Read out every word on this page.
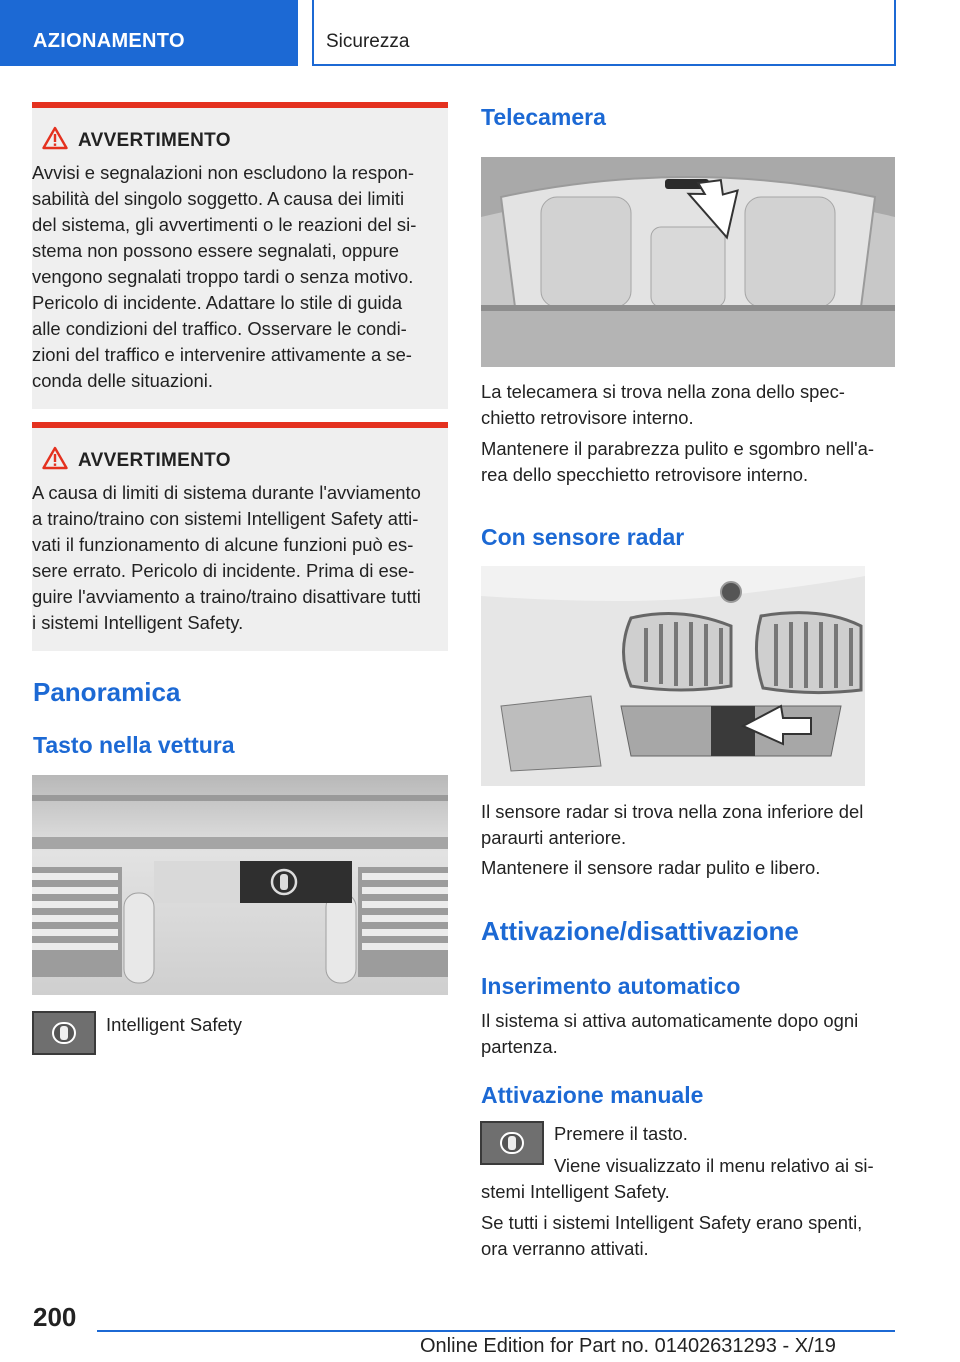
AZIONAMENTO	Sicurezza
AVVERTIMENTO
Avvisi e segnalazioni non escludono la respon-
sabilità del singolo soggetto. A causa dei limiti
del sistema, gli avvertimenti o le reazioni del si-
stema non possono essere segnalati, oppure
vengono segnalati troppo tardi o senza motivo.
Pericolo di incidente. Adattare lo stile di guida
alle condizioni del traffico. Osservare le condi-
zioni del traffico e intervenire attivamente a se-
conda delle situazioni.
AVVERTIMENTO
A causa di limiti di sistema durante l'avviamento
a traino/traino con sistemi Intelligent Safety atti-
vati il funzionamento di alcune funzioni può es-
sere errato. Pericolo di incidente. Prima di ese-
guire l'avviamento a traino/traino disattivare tutti
i sistemi Intelligent Safety.
Panoramica
Tasto nella vettura
Intelligent Safety
Telecamera
La telecamera si trova nella zona dello spec-
chietto retrovisore interno.
Mantenere il parabrezza pulito e sgombro nell'a-
rea dello specchietto retrovisore interno.
Con sensore radar
Il sensore radar si trova nella zona inferiore del
paraurti anteriore.
Mantenere il sensore radar pulito e libero.
Attivazione/disattivazione
Inserimento automatico
Il sistema si attiva automaticamente dopo ogni
partenza.
Attivazione manuale
Premere il tasto.
Viene visualizzato il menu relativo ai si-
stemi Intelligent Safety.
Se tutti i sistemi Intelligent Safety erano spenti,
ora verranno attivati.
200
Online Edition for Part no. 01402631293 - X/19
